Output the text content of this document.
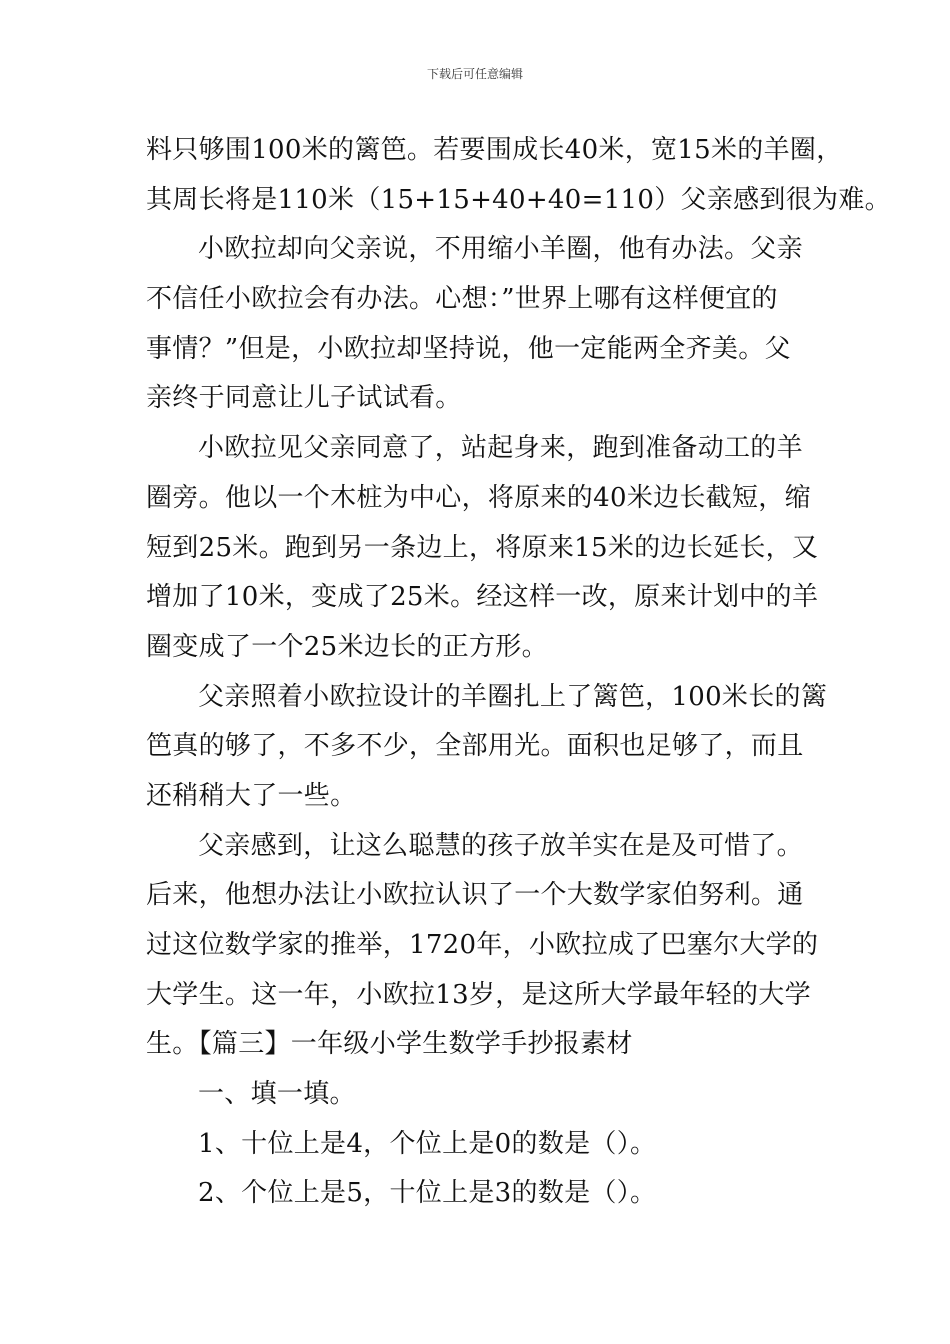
下载后可任意编辑
料只够围100米的篱笆。若要围成长40米，宽15米的羊圈，
其周长将是110米（15+15+40+40=110）父亲感到很为难。
小欧拉却向父亲说，不用缩小羊圈，他有办法。父亲
不信任小欧拉会有办法。心想：”世界上哪有这样便宜的
事情？”但是，小欧拉却坚持说，他一定能两全齐美。父
亲终于同意让儿子试试看。
小欧拉见父亲同意了，站起身来，跑到准备动工的羊
圈旁。他以一个木桩为中心，将原来的40米边长截短，缩
短到25米。跑到另一条边上，将原来15米的边长延长，又
增加了10米，变成了25米。经这样一改，原来计划中的羊
圈变成了一个25米边长的正方形。
父亲照着小欧拉设计的羊圈扎上了篱笆，100米长的篱
笆真的够了，不多不少，全部用光。面积也足够了，而且
还稍稍大了一些。
父亲感到，让这么聪慧的孩子放羊实在是及可惜了。
后来，他想办法让小欧拉认识了一个大数学家伯努利。通
过这位数学家的推举，1720年，小欧拉成了巴塞尔大学的
大学生。这一年，小欧拉13岁，是这所大学最年轻的大学
生。【篇三】一年级小学生数学手抄报素材
一、填一填。
1、十位上是4，个位上是0的数是（）。
2、个位上是5，十位上是3的数是（）。
